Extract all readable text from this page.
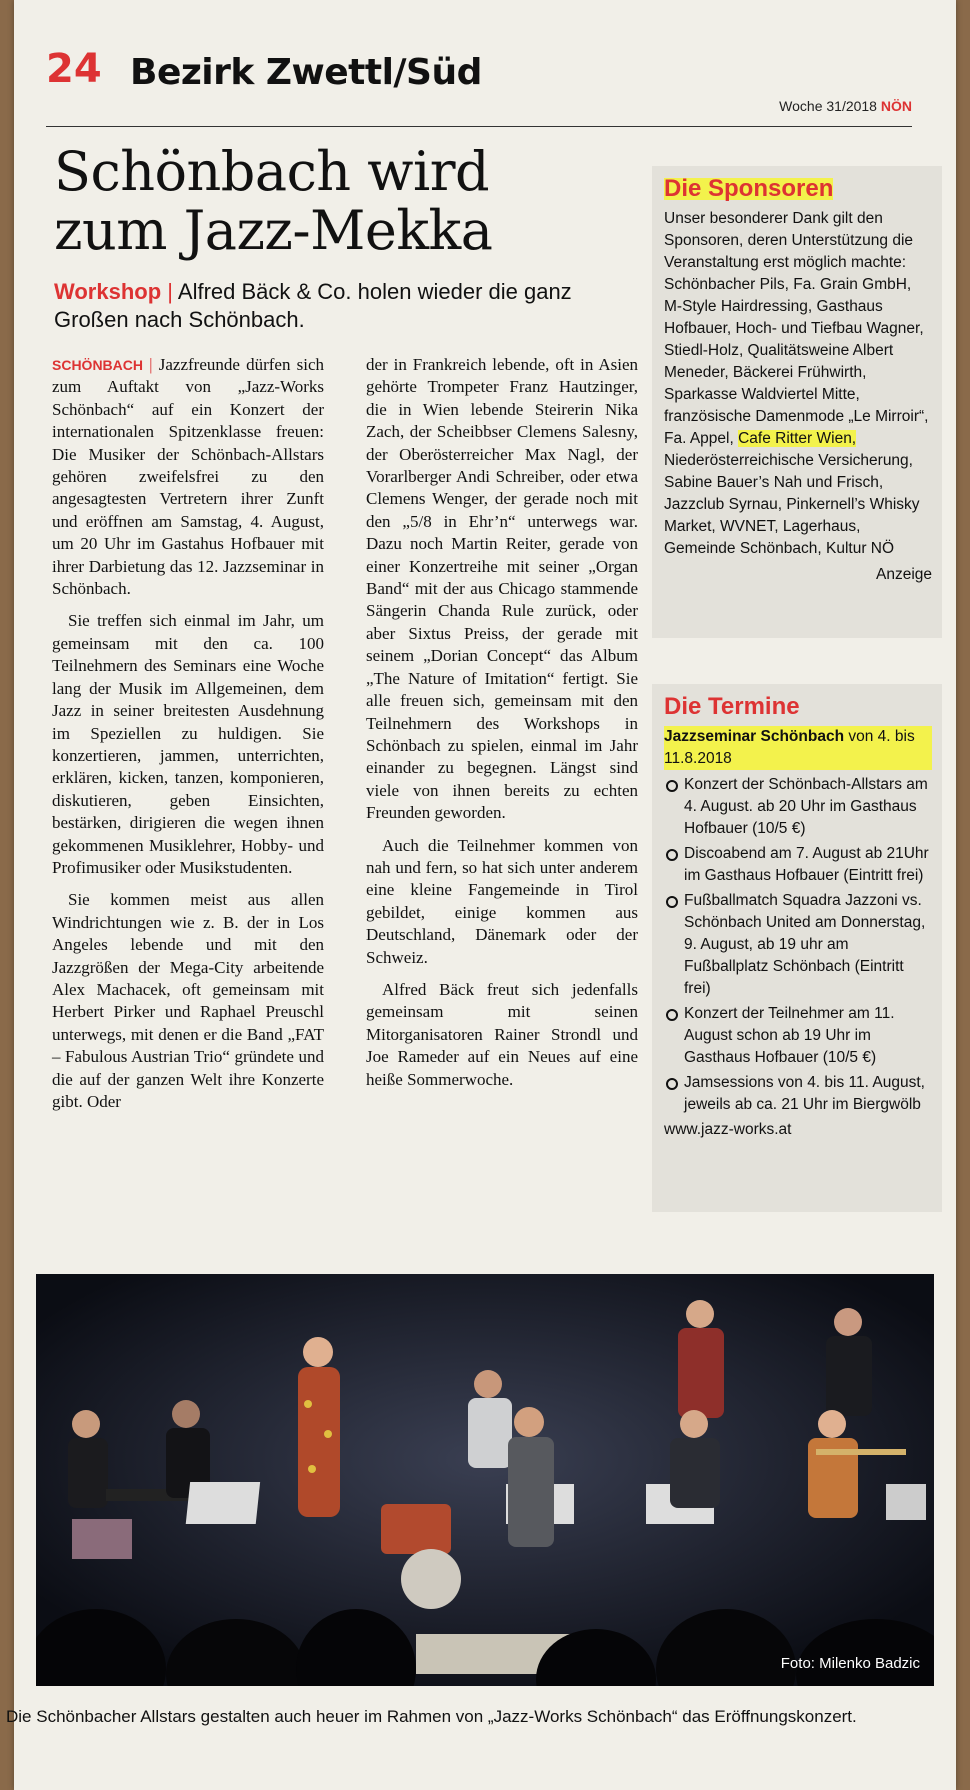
24 Bezirk Zwettl/Süd
Woche 31/2018 NÖN
Schönbach wird
zum Jazz-Mekka
Workshop | Alfred Bäck & Co. holen wieder die ganz Großen nach Schönbach.

SCHÖNBACH | Jazzfreunde dürfen sich zum Auftakt von „Jazz-Works Schönbach“ auf ein Konzert der internationalen Spitzenklasse freuen: Die Musiker der Schönbach-Allstars gehören zweifelsfrei zu den angesagtesten Vertretern ihrer Zunft und eröffnen am Samstag, 4. August, um 20 Uhr im Gastahus Hofbauer mit ihrer Darbietung das 12. Jazzseminar in Schönbach.

Sie treffen sich einmal im Jahr, um gemeinsam mit den ca. 100 Teilnehmern des Seminars eine Woche lang der Musik im Allgemeinen, dem Jazz in seiner breitesten Ausdehnung im Speziellen zu huldigen. Sie konzertieren, jammen, unterrichten, erklären, kicken, tanzen, komponieren, diskutieren, geben Einsichten, bestärken, dirigieren die wegen ihnen gekommenen Musiklehrer, Hobby- und Profimusiker oder Musikstudenten.

Sie kommen meist aus allen Windrichtungen wie z. B. der in Los Angeles lebende und mit den Jazzgrößen der Mega-City arbeitende Alex Machacek, oft gemeinsam mit Herbert Pirker und Raphael Preuschl unterwegs, mit denen er die Band „FAT – Fabulous Austrian Trio“ gründete und die auf der ganzen Welt ihre Konzerte gibt. Oder

der in Frankreich lebende, oft in Asien gehörte Trompeter Franz Hautzinger, die in Wien lebende Steirerin Nika Zach, der Scheibbser Clemens Salesny, der Oberösterreicher Max Nagl, der Vorarlberger Andi Schreiber, oder etwa Clemens Wenger, der gerade noch mit den „5/8 in Ehr’n“ unterwegs war. Dazu noch Martin Reiter, gerade von einer Konzertreihe mit seiner „Organ Band“ mit der aus Chicago stammende Sängerin Chanda Rule zurück, oder aber Sixtus Preiss, der gerade mit seinem „Dorian Concept“ das Album „The Nature of Imitation“ fertigt. Sie alle freuen sich, gemeinsam mit den Teilnehmern des Workshops in Schönbach zu spielen, einmal im Jahr einander zu begegnen. Längst sind viele von ihnen bereits zu echten Freunden geworden.

Auch die Teilnehmer kommen von nah und fern, so hat sich unter anderem eine kleine Fangemeinde in Tirol gebildet, einige kommen aus Deutschland, Dänemark oder der Schweiz.

Alfred Bäck freut sich jedenfalls gemeinsam mit seinen Mitorganisatoren Rainer Strondl und Joe Rameder auf ein Neues auf eine heiße Sommerwoche.

Die Sponsoren

Unser besonderer Dank gilt den Sponsoren, deren Unterstützung die Veranstaltung erst möglich machte: Schönbacher Pils, Fa. Grain GmbH, M-Style Hairdressing, Gasthaus Hofbauer, Hoch- und Tiefbau Wagner, Stiedl-Holz, Qualitätsweine Albert Meneder, Bäckerei Frühwirth, Sparkasse Waldviertel Mitte, französische Damenmode „Le Mirroir“, Fa. Appel, Cafe Ritter Wien, Niederösterreichische Versicherung, Sabine Bauer’s Nah und Frisch, Jazzclub Syrnau, Pinkernell’s Whisky Market, WVNET, Lagerhaus, Gemeinde Schönbach, Kultur NÖ

Anzeige
Die Termine
Jazzseminar Schönbach von 4. bis 11.8.2018
Konzert der Schönbach-Allstars am 4. August. ab 20 Uhr im Gasthaus Hofbauer (10/5 €)
Discoabend am 7. August ab 21Uhr im Gasthaus Hofbauer (Eintritt frei)
Fußballmatch Squadra Jazzoni vs. Schönbach United am Donnerstag, 9. August, ab 19 uhr am Fußballplatz Schönbach (Eintritt frei)
Konzert der Teilnehmer am 11. August schon ab 19 Uhr im Gasthaus Hofbauer (10/5 €)
Jamsessions von 4. bis 11. August, jeweils ab ca. 21 Uhr im Biergwölb
www.jazz-works.at
Foto: Milenko Badzic
Die Schönbacher Allstars gestalten auch heuer im Rahmen von „Jazz-Works Schönbach“ das Eröffnungskonzert.
